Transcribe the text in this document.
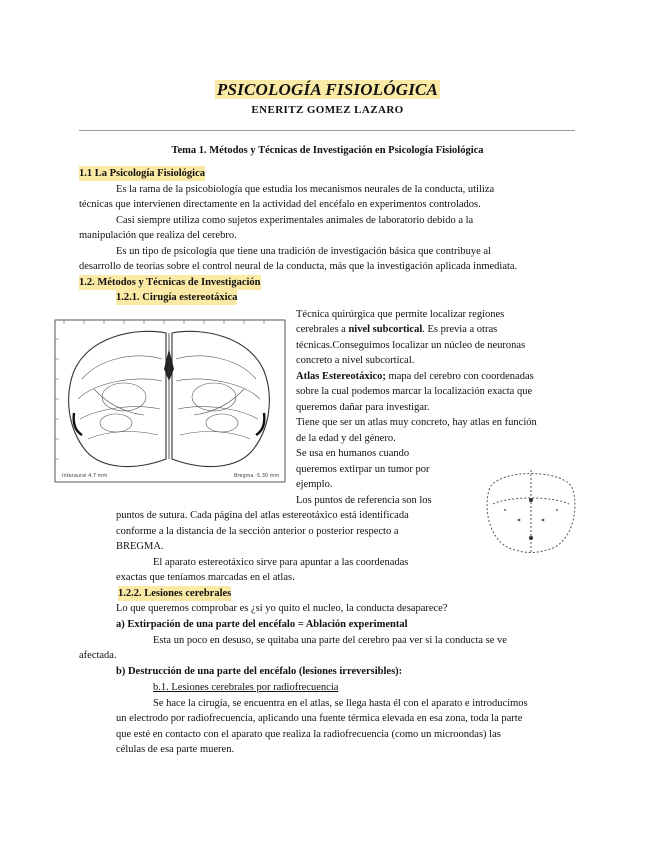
PSICOLOGÍA FISIOLÓGICA
ENERITZ GOMEZ LAZARO
Tema 1. Métodos y Técnicas de Investigación en Psicología Fisiológica
1.1 La Psicología Fisiológica
Es la rama de la psicobiología que estudia los mecanismos neurales de la conducta, utiliza
técnicas que intervienen directamente en la actividad del encéfalo en experimentos controlados.
Casi siempre utiliza como sujetos experimentales animales de laboratorio debido a la
manipulación que realiza del cerebro.
Es un tipo de psicología que tiene una tradición de investigación básica que contribuye al
desarrollo de teorías sobre el control neural de la conducta, más que la investigación aplicada inmediata.
1.2. Métodos y Técnicas de Investigación
1.2.1. Cirugía estereotáxica
Interaural 4.7 mm	Bregma -5.30 mm
Técnica quirúrgica que permite localizar regiones
cerebrales a nivel subcortical. Es previa a otras
técnicas.Conseguimos localizar un núcleo de neuronas
concreto a nivel subcortical.
Atlas Estereotáxico; mapa del cerebro con coordenadas
sobre la cual podemos marcar la localización exacta que
queremos dañar para investigar.
Tiene que ser un atlas muy concreto, hay atlas en función
de la edad y del género.
Se usa en humanos cuando
queremos extirpar un tumor por
ejemplo.
Los puntos de referencia son los
puntos de sutura. Cada página del atlas estereotáxico está identificada
conforme a la distancia de la sección anterior o posterior respecto a
BREGMA.
El aparato estereotáxico sirve para apuntar a las coordenadas
exactas que teníamos marcadas en el atlas.
1.2.2. Lesiones cerebrales
Lo que queremos comprobar es ¿si yo quito el nucleo, la conducta desaparece?
a) Extirpación de una parte del encéfalo = Ablación experimental
Esta un poco en desuso, se quitaba una parte del cerebro paa ver si la conducta se ve
afectada.
b) Destrucción de una parte del encéfalo (lesiones irreversibles):
b.1. Lesiones cerebrales por radiofrecuencia
Se hace la cirugía, se encuentra en el atlas, se llega hasta él con el aparato e introducimos
un electrodo por radiofrecuencia, aplicando una fuente térmica elevada en esa zona, toda la parte
que esté en contacto con el aparato que realiza la radiofrecuencia (como un microondas) las
células de esa parte mueren.
